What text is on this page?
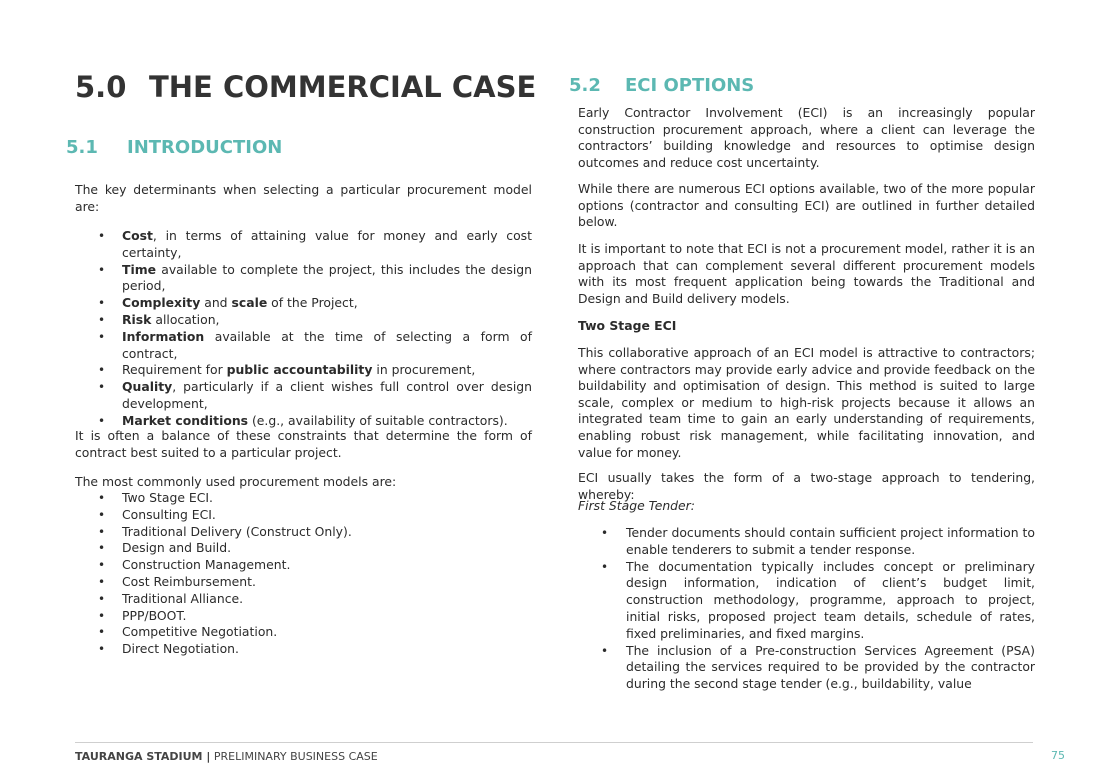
5.0 THE COMMERCIAL CASE
5.1 INTRODUCTION

The key determinants when selecting a particular procurement model are:

• Cost, in terms of attaining value for money and early cost certainty,
• Time available to complete the project, this includes the design period,
• Complexity and scale of the Project,
• Risk allocation,
• Information available at the time of selecting a form of contract,
• Requirement for public accountability in procurement,
• Quality, particularly if a client wishes full control over design development,
• Market conditions (e.g., availability of suitable contractors).

It is often a balance of these constraints that determine the form of contract best suited to a particular project.

The most commonly used procurement models are:

• Two Stage ECI.
• Consulting ECI.
• Traditional Delivery (Construct Only).
• Design and Build.
• Construction Management.
• Cost Reimbursement.
• Traditional Alliance.
• PPP/BOOT.
• Competitive Negotiation.
• Direct Negotiation.
5.2 ECI OPTIONS

Early Contractor Involvement (ECI) is an increasingly popular construction procurement approach, where a client can leverage the contractors’ building knowledge and resources to optimise design outcomes and reduce cost uncertainty.

While there are numerous ECI options available, two of the more popular options (contractor and consulting ECI) are outlined in further detailed below.

It is important to note that ECI is not a procurement model, rather it is an approach that can complement several different procurement models with its most frequent application being towards the Traditional and Design and Build delivery models.

Two Stage ECI

This collaborative approach of an ECI model is attractive to contractors; where contractors may provide early advice and provide feedback on the buildability and optimisation of design. This method is suited to large scale, complex or medium to high-risk projects because it allows an integrated team time to gain an early understanding of requirements, enabling robust risk management, while facilitating innovation, and value for money.

ECI usually takes the form of a two-stage approach to tendering, whereby:

First Stage Tender:
• Tender documents should contain sufficient project information to enable tenderers to submit a tender response.
• The documentation typically includes concept or preliminary design information, indication of client’s budget limit, construction methodology, programme, approach to project, initial risks, proposed project team details, schedule of rates, fixed preliminaries, and fixed margins.
• The inclusion of a Pre-construction Services Agreement (PSA) detailing the services required to be provided by the contractor during the second stage tender (e.g., buildability, value
TAURANGA STADIUM | PRELIMINARY BUSINESS CASE	75
